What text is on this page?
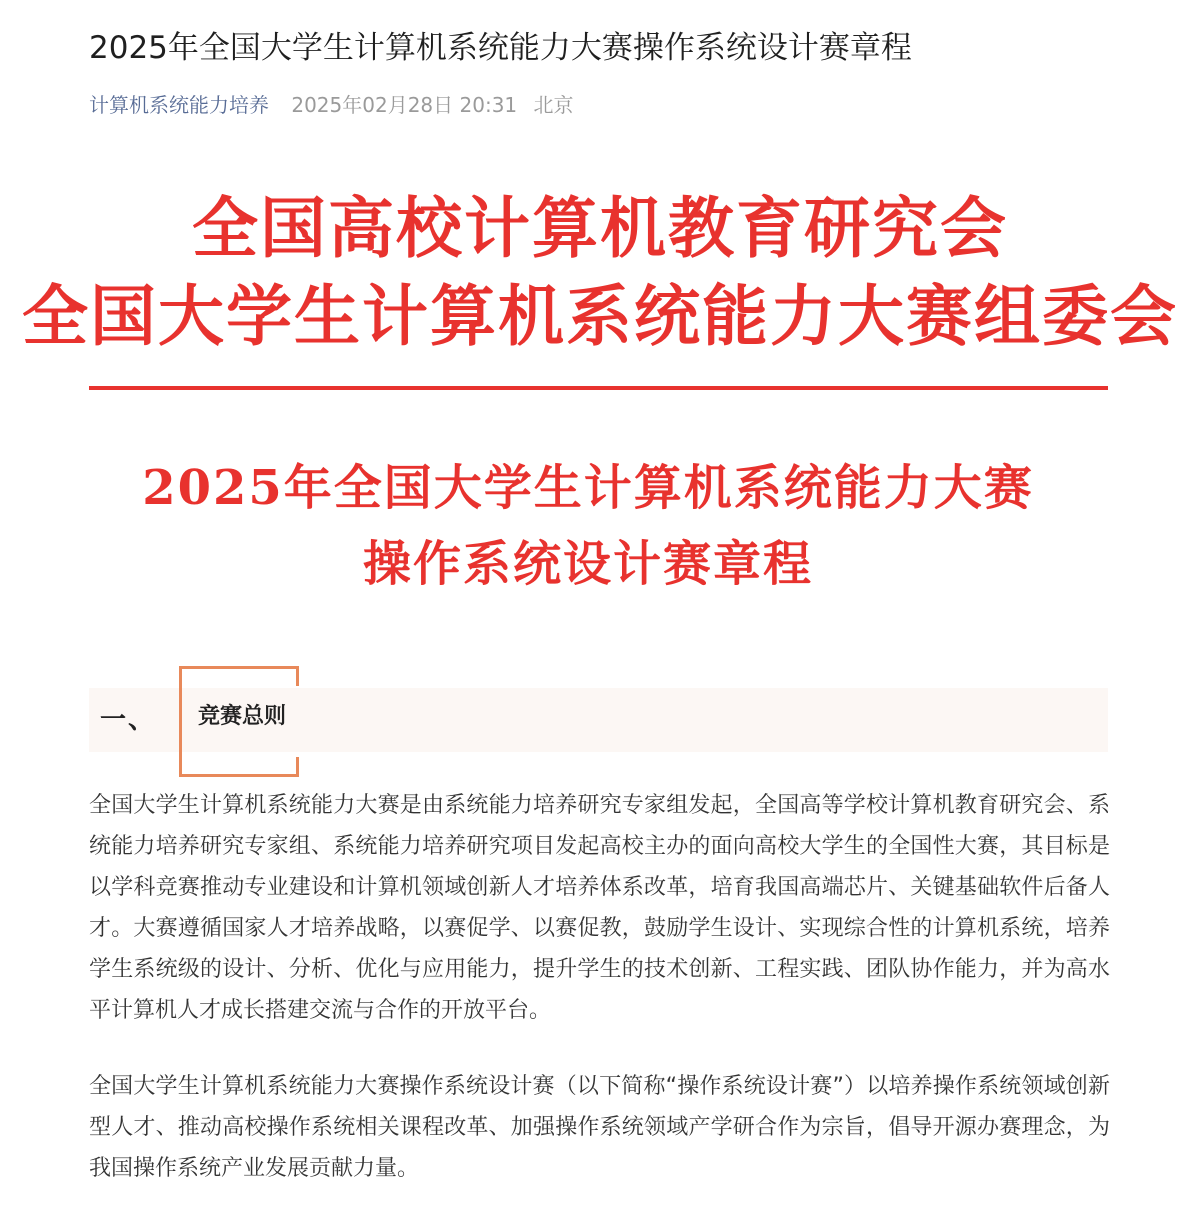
2025年全国大学生计算机系统能力大赛操作系统设计赛章程
计算机系统能力培养 2025年02月28日 20:31 北京
全国高校计算机教育研究会
全国大学生计算机系统能力大赛组委会
2025年全国大学生计算机系统能力大赛
操作系统设计赛章程
一、 竞赛总则

全国大学生计算机系统能力大赛是由系统能力培养研究专家组发起，全国高等学校计算机教育研究会、系统能力培养研究专家组、系统能力培养研究项目发起高校主办的面向高校大学生的全国性大赛，其目标是以学科竞赛推动专业建设和计算机领域创新人才培养体系改革，培育我国高端芯片、关键基础软件后备人才。大赛遵循国家人才培养战略，以赛促学、以赛促教，鼓励学生设计、实现综合性的计算机系统，培养学生系统级的设计、分析、优化与应用能力，提升学生的技术创新、工程实践、团队协作能力，并为高水平计算机人才成长搭建交流与合作的开放平台。

全国大学生计算机系统能力大赛操作系统设计赛（以下简称“操作系统设计赛”）以培养操作系统领域创新型人才、推动高校操作系统相关课程改革、加强操作系统领域产学研合作为宗旨，倡导开源办赛理念，为我国操作系统产业发展贡献力量。
